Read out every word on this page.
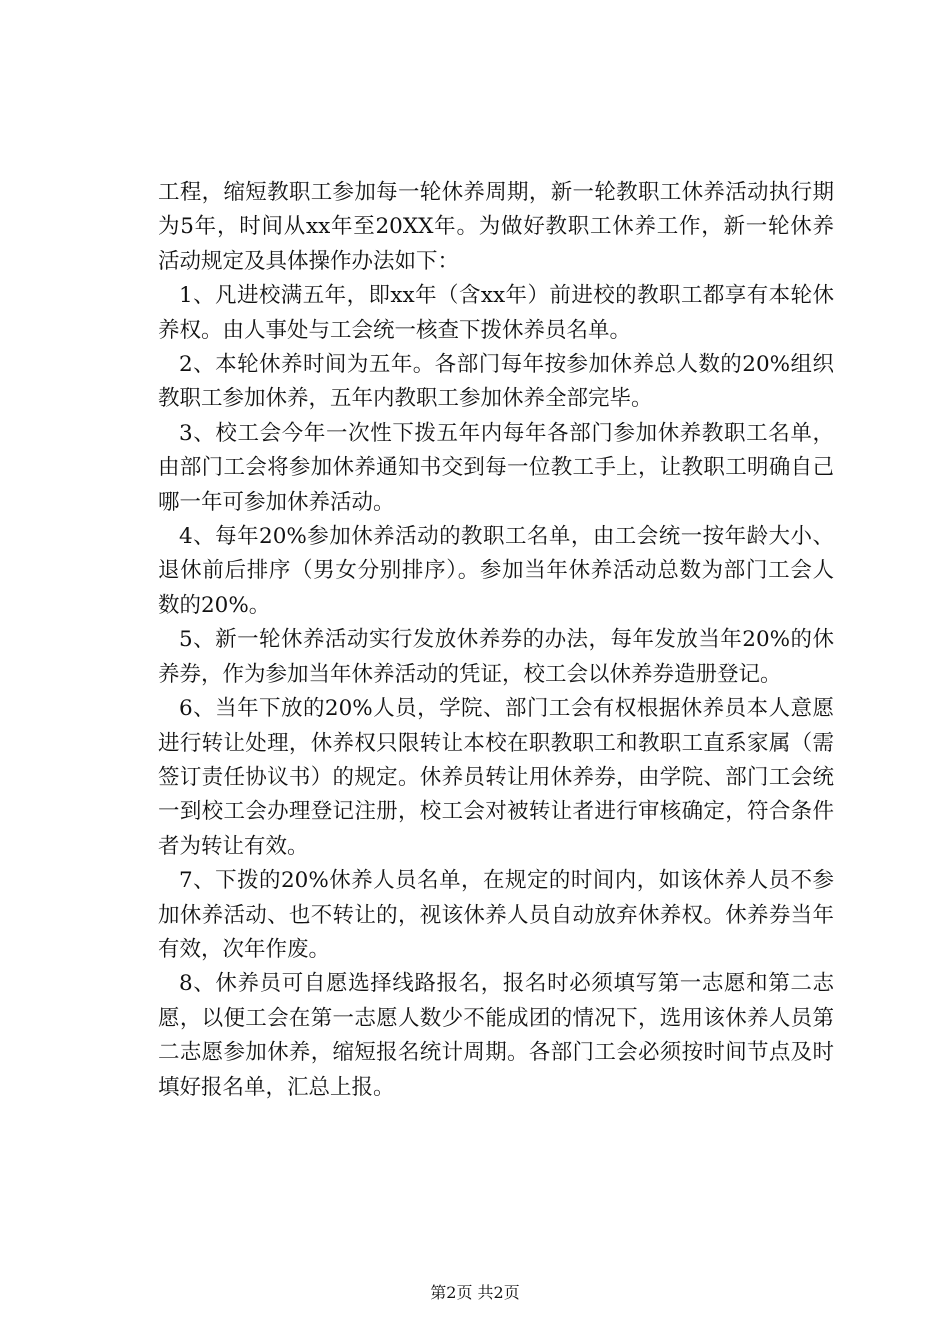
工程，缩短教职工参加每一轮休养周期，新一轮教职工休养活动执行期为5年，时间从xx年至20XX年。为做好教职工休养工作，新一轮休养活动规定及具体操作办法如下：

1、凡进校满五年，即xx年（含xx年）前进校的教职工都享有本轮休养权。由人事处与工会统一核查下拨休养员名单。

2、本轮休养时间为五年。各部门每年按参加休养总人数的20%组织教职工参加休养，五年内教职工参加休养全部完毕。

3、校工会今年一次性下拨五年内每年各部门参加休养教职工名单，由部门工会将参加休养通知书交到每一位教工手上，让教职工明确自己哪一年可参加休养活动。

4、每年20%参加休养活动的教职工名单，由工会统一按年龄大小、退休前后排序（男女分别排序）。参加当年休养活动总数为部门工会人数的20%。

5、新一轮休养活动实行发放休养券的办法，每年发放当年20%的休养券，作为参加当年休养活动的凭证，校工会以休养券造册登记。

6、当年下放的20%人员，学院、部门工会有权根据休养员本人意愿进行转让处理，休养权只限转让本校在职教职工和教职工直系家属（需签订责任协议书）的规定。休养员转让用休养券，由学院、部门工会统一到校工会办理登记注册，校工会对被转让者进行审核确定，符合条件者为转让有效。

7、下拨的20%休养人员名单，在规定的时间内，如该休养人员不参加休养活动、也不转让的，视该休养人员自动放弃休养权。休养券当年有效，次年作废。

8、休养员可自愿选择线路报名，报名时必须填写第一志愿和第二志愿，以便工会在第一志愿人数少不能成团的情况下，选用该休养人员第二志愿参加休养，缩短报名统计周期。各部门工会必须按时间节点及时填好报名单，汇总上报。

第2页 共2页
